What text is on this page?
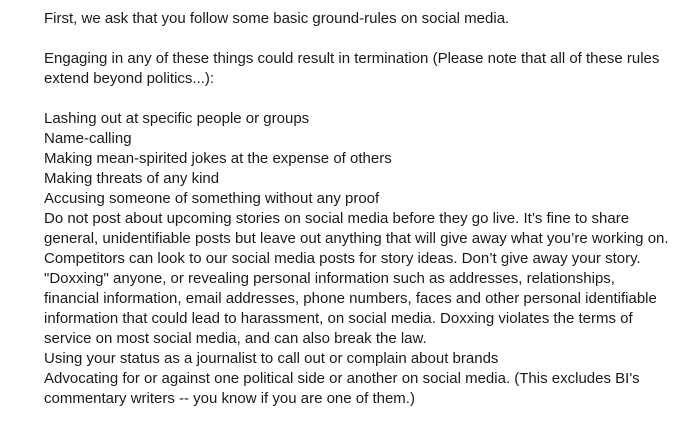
First, we ask that you follow some basic ground-rules on social media.

Engaging in any of these things could result in termination (Please note that all of these rules extend beyond politics...):

Lashing out at specific people or groups
Name-calling
Making mean-spirited jokes at the expense of others
Making threats of any kind
Accusing someone of something without any proof
Do not post about upcoming stories on social media before they go live. It’s fine to share general, unidentifiable posts but leave out anything that will give away what you’re working on. Competitors can look to our social media posts for story ideas. Don’t give away your story.
"Doxxing" anyone, or revealing personal information such as addresses, relationships, financial information, email addresses, phone numbers, faces and other personal identifiable information that could lead to harassment, on social media. Doxxing violates the terms of service on most social media, and can also break the law.
Using your status as a journalist to call out or complain about brands
Advocating for or against one political side or another on social media. (This excludes BI's commentary writers -- you know if you are one of them.)
